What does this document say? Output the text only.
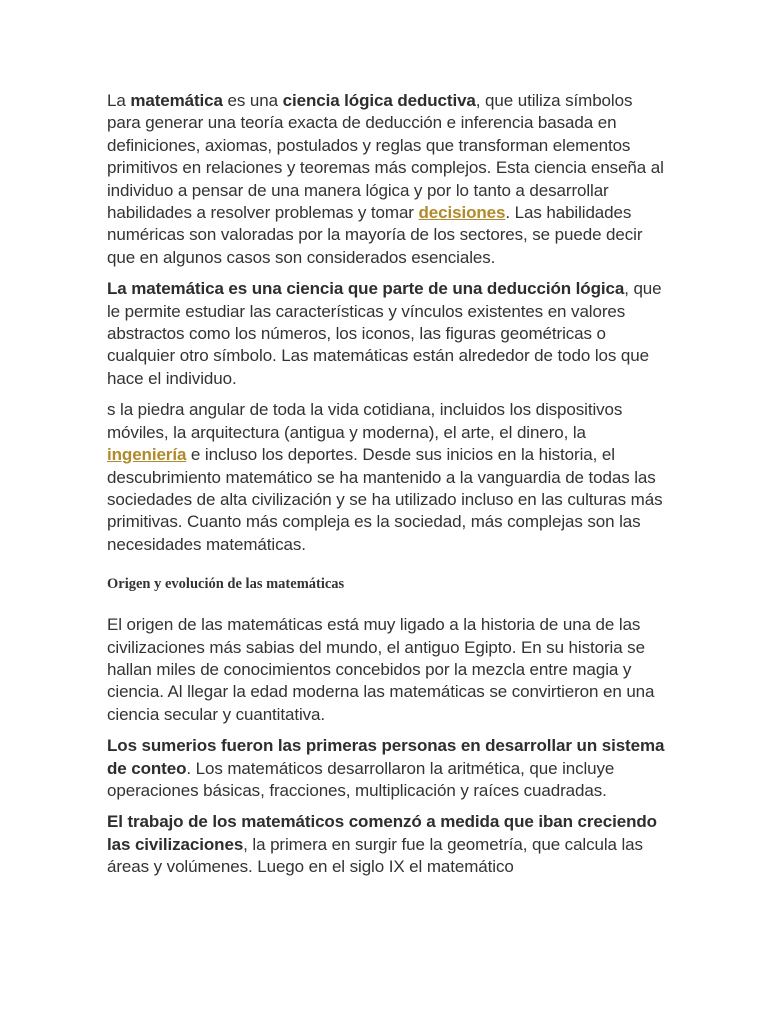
La matemática es una ciencia lógica deductiva, que utiliza símbolos para generar una teoría exacta de deducción e inferencia basada en definiciones, axiomas, postulados y reglas que transforman elementos primitivos en relaciones y teoremas más complejos. Esta ciencia enseña al individuo a pensar de una manera lógica y por lo tanto a desarrollar habilidades a resolver problemas y tomar decisiones. Las habilidades numéricas son valoradas por la mayoría de los sectores, se puede decir que en algunos casos son considerados esenciales.

La matemática es una ciencia que parte de una deducción lógica, que le permite estudiar las características y vínculos existentes en valores abstractos como los números, los iconos, las figuras geométricas o cualquier otro símbolo. Las matemáticas están alrededor de todo los que hace el individuo.

s la piedra angular de toda la vida cotidiana, incluidos los dispositivos móviles, la arquitectura (antigua y moderna), el arte, el dinero, la ingeniería e incluso los deportes. Desde sus inicios en la historia, el descubrimiento matemático se ha mantenido a la vanguardia de todas las sociedades de alta civilización y se ha utilizado incluso en las culturas más primitivas. Cuanto más compleja es la sociedad, más complejas son las necesidades matemáticas.

Origen y evolución de las matemáticas

El origen de las matemáticas está muy ligado a la historia de una de las civilizaciones más sabias del mundo, el antiguo Egipto. En su historia se hallan miles de conocimientos concebidos por la mezcla entre magia y ciencia. Al llegar la edad moderna las matemáticas se convirtieron en una ciencia secular y cuantitativa.

Los sumerios fueron las primeras personas en desarrollar un sistema de conteo. Los matemáticos desarrollaron la aritmética, que incluye operaciones básicas, fracciones, multiplicación y raíces cuadradas.

El trabajo de los matemáticos comenzó a medida que iban creciendo las civilizaciones, la primera en surgir fue la geometría, que calcula las áreas y volúmenes. Luego en el siglo IX el matemático
